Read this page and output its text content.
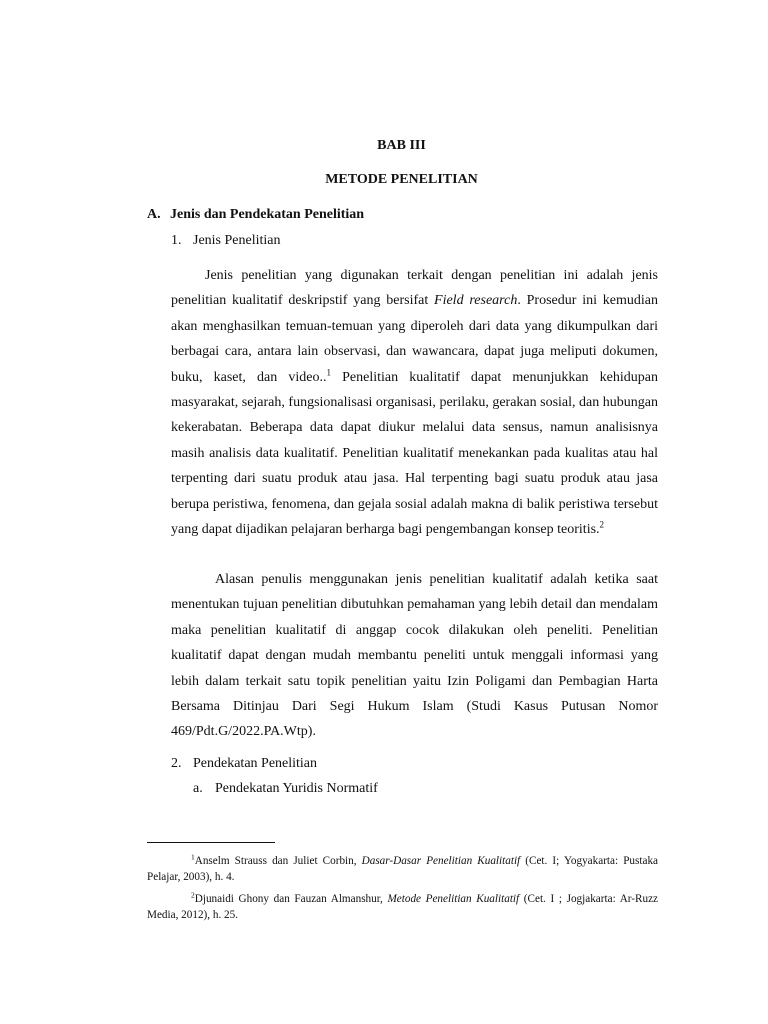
BAB III
METODE PENELITIAN
A. Jenis dan Pendekatan Penelitian
1. Jenis Penelitian

Jenis penelitian yang digunakan terkait dengan penelitian ini adalah jenis penelitian kualitatif deskripstif yang bersifat Field research. Prosedur ini kemudian akan menghasilkan temuan-temuan yang diperoleh dari data yang dikumpulkan dari berbagai cara, antara lain observasi, dan wawancara, dapat juga meliputi dokumen, buku, kaset, dan video..$^1$ Penelitian kualitatif dapat menunjukkan kehidupan masyarakat, sejarah, fungsionalisasi organisasi, perilaku, gerakan sosial, dan hubungan kekerabatan. Beberapa data dapat diukur melalui data sensus, namun analisisnya masih analisis data kualitatif. Penelitian kualitatif menekankan pada kualitas atau hal terpenting dari suatu produk atau jasa. Hal terpenting bagi suatu produk atau jasa berupa peristiwa, fenomena, dan gejala sosial adalah makna di balik peristiwa tersebut yang dapat dijadikan pelajaran berharga bagi pengembangan konsep teoritis.$^2$

Alasan penulis menggunakan jenis penelitian kualitatif adalah ketika saat menentukan tujuan penelitian dibutuhkan pemahaman yang lebih detail dan mendalam maka penelitian kualitatif di anggap cocok dilakukan oleh peneliti. Penelitian kualitatif dapat dengan mudah membantu peneliti untuk menggali informasi yang lebih dalam terkait satu topik penelitian yaitu Izin Poligami dan Pembagian Harta Bersama Ditinjau Dari Segi Hukum Islam (Studi Kasus Putusan Nomor 469/Pdt.G/2022.PA.Wtp).

2. Pendekatan Penelitian
a. Pendekatan Yuridis Normatif

$^1$Anselm Strauss dan Juliet Corbin, Dasar-Dasar Penelitian Kualitatif (Cet. I; Yogyakarta: Pustaka Pelajar, 2003), h. 4.

$^2$Djunaidi Ghony dan Fauzan Almanshur, Metode Penelitian Kualitatif (Cet. I ; Jogjakarta: Ar-Ruzz Media, 2012), h. 25.
